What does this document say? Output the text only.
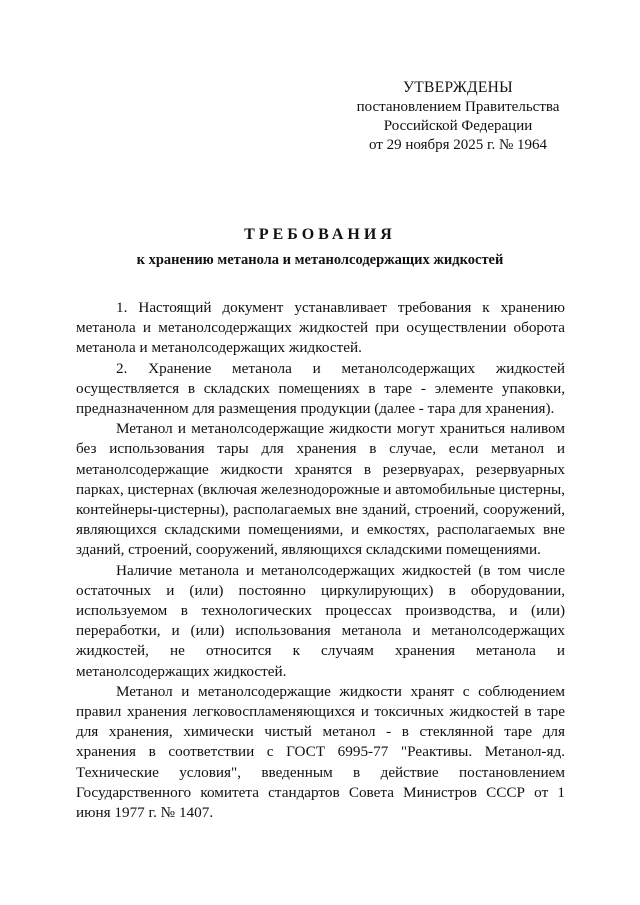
УТВЕРЖДЕНЫ
постановлением Правительства
Российской Федерации
от 29 ноября 2025 г. № 1964
ТРЕБОВАНИЯ
к хранению метанола и метанолсодержащих жидкостей

1. Настоящий документ устанавливает требования к хранению метанола и метанолсодержащих жидкостей при осуществлении оборота метанола и метанолсодержащих жидкостей.

2. Хранение метанола и метанолсодержащих жидкостей осуществляется в складских помещениях в таре - элементе упаковки, предназначенном для размещения продукции (далее - тара для хранения).

Метанол и метанолсодержащие жидкости могут храниться наливом без использования тары для хранения в случае, если метанол и метанолсодержащие жидкости хранятся в резервуарах, резервуарных парках, цистернах (включая железнодорожные и автомобильные цистерны, контейнеры-цистерны), располагаемых вне зданий, строений, сооружений, являющихся складскими помещениями, и емкостях, располагаемых вне зданий, строений, сооружений, являющихся складскими помещениями.

Наличие метанола и метанолсодержащих жидкостей (в том числе остаточных и (или) постоянно циркулирующих) в оборудовании, используемом в технологических процессах производства, и (или) переработки, и (или) использования метанола и метанолсодержащих жидкостей, не относится к случаям хранения метанола и метанолсодержащих жидкостей.

Метанол и метанолсодержащие жидкости хранят с соблюдением правил хранения легковоспламеняющихся и токсичных жидкостей в таре для хранения, химически чистый метанол - в стеклянной таре для хранения в соответствии с ГОСТ 6995-77 "Реактивы. Метанол-яд. Технические условия", введенным в действие постановлением Государственного комитета стандартов Совета Министров СССР от 1 июня 1977 г. № 1407.
